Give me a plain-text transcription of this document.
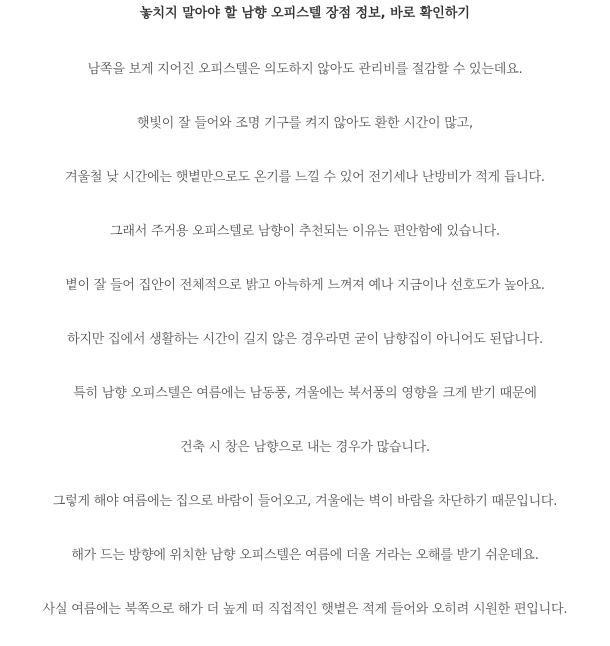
놓치지 말아야 할 남향 오피스텔 장점 정보, 바로 확인하기
남쪽을 보게 지어진 오피스텔은 의도하지 않아도 관리비를 절감할 수 있는데요.
햇빛이 잘 들어와 조명 기구를 켜지 않아도 환한 시간이 많고,
겨울철 낮 시간에는 햇볕만으로도 온기를 느낄 수 있어 전기세나 난방비가 적게 듭니다.
그래서 주거용 오피스텔로 남향이 추천되는 이유는 편안함에 있습니다.
볕이 잘 들어 집안이 전체적으로 밝고 아늑하게 느껴져 예나 지금이나 선호도가 높아요.
하지만 집에서 생활하는 시간이 길지 않은 경우라면 굳이 남향집이 아니어도 된답니다.
특히 남향 오피스텔은 여름에는 남동풍, 겨울에는 북서풍의 영향을 크게 받기 때문에
건축 시 창은 남향으로 내는 경우가 많습니다.
그렇게 해야 여름에는 집으로 바람이 들어오고, 겨울에는 벽이 바람을 차단하기 때문입니다.
해가 드는 방향에 위치한 남향 오피스텔은 여름에 더울 거라는 오해를 받기 쉬운데요.
사실 여름에는 북쪽으로 해가 더 높게 떠 직접적인 햇볕은 적게 들어와 오히려 시원한 편입니다.
